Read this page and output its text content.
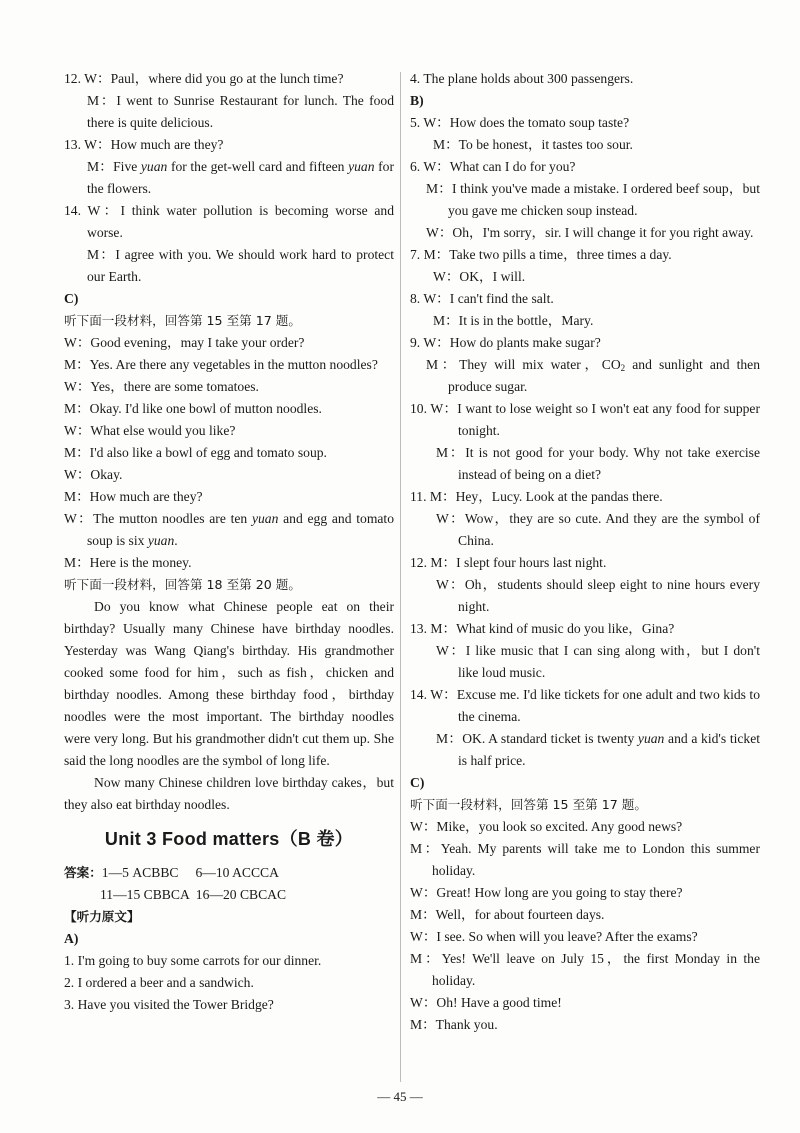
12. W：Paul，where did you go at the lunch time?

M：I went to Sunrise Restaurant for lunch. The food there is quite delicious.

13. W：How much are they?

M：Five yuan for the get-well card and fifteen yuan for the flowers.

14. W：I think water pollution is becoming worse and worse.

M：I agree with you. We should work hard to protect our Earth.

C)

听下面一段材料，回答第 15 至第 17 题。

W：Good evening，may I take your order?

M：Yes. Are there any vegetables in the mutton noodles?

W：Yes，there are some tomatoes.

M：Okay. I'd like one bowl of mutton noodles.

W：What else would you like?

M：I'd also like a bowl of egg and tomato soup.

W：Okay.

M：How much are they?

W：The mutton noodles are ten yuan and egg and tomato soup is six yuan.

M：Here is the money.

听下面一段材料，回答第 18 至第 20 题。

Do you know what Chinese people eat on their birthday? Usually many Chinese have birthday noodles. Yesterday was Wang Qiang's birthday. His grandmother cooked some food for him，such as fish，chicken and birthday noodles. Among these birthday food，birthday noodles were the most important. The birthday noodles were very long. But his grandmother didn't cut them up. She said the long noodles are the symbol of long life.

Now many Chinese children love birthday cakes，but they also eat birthday noodles.

Unit 3 Food matters（B 卷）

答案：1—5 ACBBC     6—10 ACCCA

11—15 CBBCA  16—20 CBCAC

【听力原文】

A)

1. I'm going to buy some carrots for our dinner.

2. I ordered a beer and a sandwich.

3. Have you visited the Tower Bridge?

4. The plane holds about 300 passengers.

B)

5. W：How does the tomato soup taste?

M：To be honest，it tastes too sour.

6. W：What can I do for you?

M：I think you've made a mistake. I ordered beef soup，but you gave me chicken soup instead.

W：Oh，I'm sorry，sir. I will change it for you right away.

7. M：Take two pills a time，three times a day.

W：OK，I will.

8. W：I can't find the salt.

M：It is in the bottle，Mary.

9. W：How do plants make sugar?

M：They will mix water，$CO_2$ and sunlight and then produce sugar.

10. W：I want to lose weight so I won't eat any food for supper tonight.

M：It is not good for your body. Why not take exercise instead of being on a diet?

11. M：Hey，Lucy. Look at the pandas there.

W：Wow，they are so cute. And they are the symbol of China.

12. M：I slept four hours last night.

W：Oh，students should sleep eight to nine hours every night.

13. M：What kind of music do you like，Gina?

W：I like music that I can sing along with，but I don't like loud music.

14. W：Excuse me. I'd like tickets for one adult and two kids to the cinema.

M：OK. A standard ticket is twenty yuan and a kid's ticket is half price.

C)

听下面一段材料，回答第 15 至第 17 题。

W：Mike，you look so excited. Any good news?

M：Yeah. My parents will take me to London this summer holiday.

W：Great! How long are you going to stay there?

M：Well，for about fourteen days.

W：I see. So when will you leave? After the exams?

M：Yes! We'll leave on July 15，the first Monday in the holiday.

W：Oh! Have a good time!

M：Thank you.

— 45 —
